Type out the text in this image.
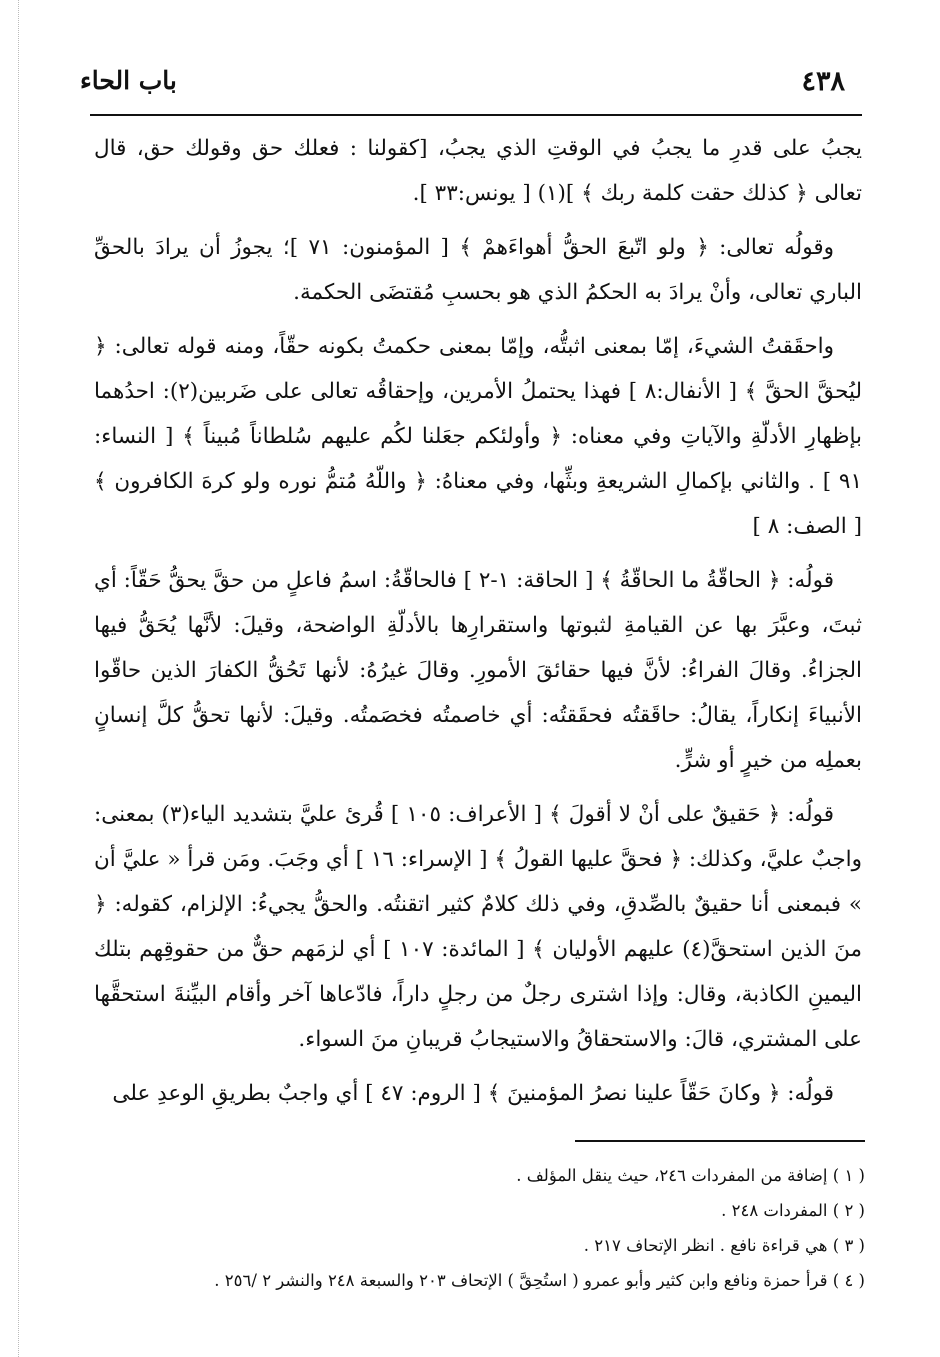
٤٣٨
باب الحاء

يجبُ على قدرِ ما يجبُ في الوقتِ الذي يجبُ، [كقولنا : فعلك حق وقولك حق، قال تعالى ﴿ كذلك حقت كلمة ربك ﴾ ](١) [ يونس:٣٣ ].

وقولُه تعالى: ﴿ ولو اتّبعَ الحقُّ أهواءَهمْ ﴾ [ المؤمنون: ٧١ ]؛ يجوزُ أن يرادَ بالحقِّ الباري تعالى، وأنْ يرادَ به الحكمُ الذي هو بحسبِ مُقتضَى الحكمة.

واحقَقتُ الشيءَ، إمّا بمعنى اثبتُّه، وإمّا بمعنى حكمتُ بكونه حقّاً، ومنه قوله تعالى: ﴿ ليُحقَّ الحقَّ ﴾ [ الأنفال:٨ ] فهذا يحتملُ الأمرين، وإحقاقُه تعالى على ضَربين(٢): احدُهما بإظهارِ الأدلّةِ والآياتِ وفي معناه: ﴿ وأولئكم جعَلنا لكُم عليهم سُلطاناً مُبيناً ﴾ [ النساء: ٩١ ] . والثاني بإكمالِ الشريعةِ وبثِّها، وفي معناهُ: ﴿ واللّهُ مُتمُّ نوره ولو كرهَ الكافرون ﴾ [ الصف: ٨ ]

قولُه: ﴿ الحاقّةُ ما الحاقّةُ ﴾ [ الحاقة: ١-٢ ] فالحاقّةُ: اسمُ فاعلٍ من حقَّ يحقُّ حَقّاً: أي ثبتَ، وعبَّرَ بها عن القيامةِ لثبوتها واستقرارِها بالأدلّةِ الواضحة، وقيلَ: لأنَّها يُحَقُّ فيها الجزاءُ. وقالَ الفراءُ: لأنَّ فيها حقائقَ الأمورِ. وقالَ غيرُهُ: لأنها تَحُقُّ الكفارَ الذين حاقّوا الأنبياءَ إنكاراً، يقالُ: حاقَقتُه فحقَقتُه: أي خاصمتُه فخصَمتُه. وقيلَ: لأنها تحقُّ كلَّ إنسانٍ بعملِه من خيرٍ أو شرٍّ.

قولُه: ﴿ حَقيقٌ على أنْ لا أقولَ ﴾ [ الأعراف: ١٠٥ ] قُرئ عليَّ بتشديد الياء(٣) بمعنى: واجبٌ عليَّ، وكذلك: ﴿ فحقَّ عليها القولُ ﴾ [ الإسراء: ١٦ ] أي وجَبَ. ومَن قرأ « عليَّ أن » فبمعنى أنا حقيقٌ بالصِّدقِ، وفي ذلك كلامٌ كثير اتقنتُه. والحقُّ يجيءُ: الإلزام، كقوله: ﴿ منَ الذين استحقَّ(٤) عليهم الأوليان ﴾ [ المائدة: ١٠٧ ] أي لزمَهم حقٌّ من حقوقِهم بتلك اليمينِ الكاذبة، وقال: وإذا اشترى رجلٌ من رجلٍ داراً، فادّعاها آخر وأقام البيِّنةَ استحقَّها على المشتري، قالَ: والاستحقاقُ والاستيجابُ قريبانِ منَ السواء.

قولُه: ﴿ وكانَ حَقّاً علينا نصرُ المؤمنينَ ﴾ [ الروم: ٤٧ ] أي واجبٌ بطريقِ الوعدِ على

( ١ ) إضافة من المفردات ٢٤٦، حيث ينقل المؤلف .
( ٢ ) المفردات ٢٤٨ .
( ٣ ) هي قراءة نافع . انظر الإتحاف ٢١٧ .
( ٤ ) قرأ حمزة ونافع وابن كثير وأبو عمرو ( استُحِقَّ ) الإتحاف ٢٠٣ والسبعة ٢٤٨ والنشر ٢ /٢٥٦ .
